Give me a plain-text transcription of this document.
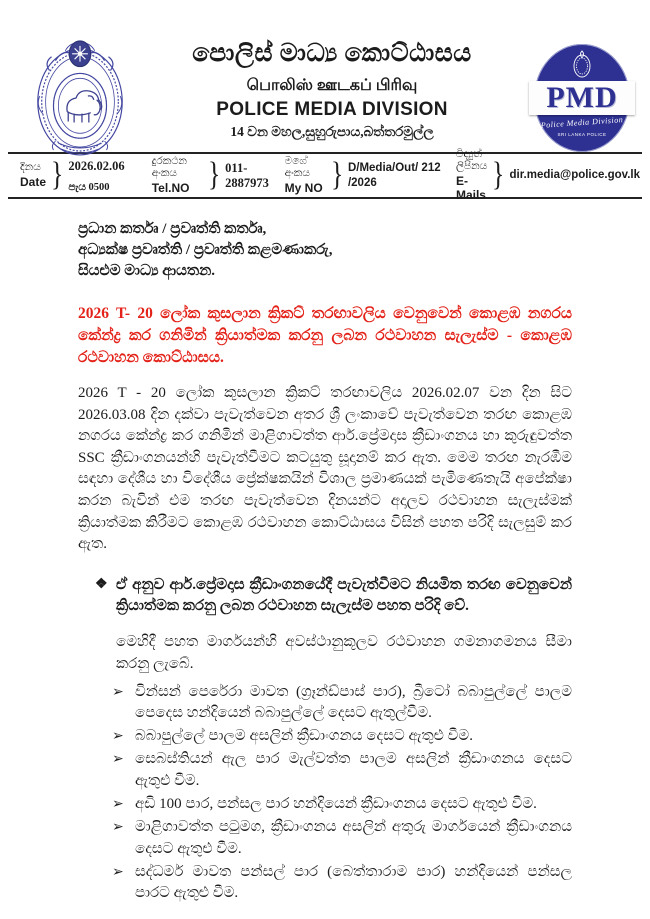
පොලිස් මාධ්‍ය කොට්ඨාසය
பொலிஸ் ஊடகப் பிரிவு
POLICE MEDIA DIVISION
14 වන මහල,සුහුරුපාය,බත්තරමුල්ල
PMD
Police Media Division
SRI LANKA POLICE
දිනය
Date } 2026.02.06 පැය 0500
දුරකථන අංකය
Tel.NO } 011-2887973
මගේ අංකය
My NO } D/Media/Out/ 212 /2026
විද්‍යුත් ලිපිනය
E-Mails
} dir.media@police.gov.lk
ප්‍රධාන කර්තෘ / ප්‍රවෘත්ති කර්තෘ,
අධ්‍යක්ෂ ප්‍රවෘත්ති / ප්‍රවෘත්ති කළමණාකරු,
සියළුම මාධ්‍ය ආයතන.
2026 T- 20 ලෝක කුසලාන ක්‍රිකට් තරඟාවලිය වෙනුවෙන් කොළඹ නගරය කේන්ද්‍ර කර ගනිමින් ක්‍රියාත්මක කරනු ලබන රථවාහන සැලැස්ම - කොළඹ රථවාහන කොට්ඨාසය.
2026 T - 20 ලෝක කුසලාන ක්‍රිකට් තරඟාවලිය 2026.02.07 වන දින සිට 2026.03.08 දින දක්වා පැවැත්වෙන අතර ශ්‍රී ලංකාවේ පැවැත්වෙන තරඟ කොළඹ නගරය කේන්ද්‍ර කර ගනිමින් මාළිගාවත්ත ආර්.ප්‍රේමදාස ක්‍රීඩාංගනය හා කුරුඳුවත්ත SSC ක්‍රීඩාංගනයන්හි පැවැත්වීමට කටයුතු සූදානම් කර ඇත. මෙම තරඟ නැරඹීම සඳහා දේශීය හා විදේශීය ප්‍රේක්ෂකයින් විශාල ප්‍රමාණයක් පැමිණෙතැයි අපේක්ෂා කරන බැවින් එම තරඟ පැවැත්වෙන දිනයන්ට අදාලව රථවාහන සැලැස්මක් ක්‍රියාත්මක කිරීමට කොළඹ රථවාහන කොට්ඨාසය විසින් පහත පරිදි සැලසුම් කර ඇත.
❖ ඒ අනුව ආර්.ප්‍රේමදාස ක්‍රීඩාංගනයේදී පැවැත්වීමට නියමිත තරඟ වෙනුවෙන් ක්‍රියාත්මක කරනු ලබන රථවාහන සැලැස්ම පහත පරිදි වේ.
මෙහිදී පහත මාර්ගයන්හි අවස්ථානුකූලව රථවාහන ගමනාගමනය සීමා කරනු ලැබේ.
➢ වින්සන් පෙරේරා මාවත (ග්‍රෑන්ඩ්පාස් පාර), බ්‍රීටෝ බබාපුල්ලේ පාලම පෙදෙස හන්දියෙන් බබාපුල්ලේ දෙසට ඇතුල්වීම.
➢ බබාපුල්ලේ පාලම අසලින් ක්‍රීඩාංගනය දෙසට ඇතුළු වීම.
➢ සෙබස්තියන් ඇල පාර මැල්වත්ත පාලම අසලින් ක්‍රීඩාංගනය දෙසට ඇතුළු වීම.
➢ අඩි 100 පාර, පන්සල පාර හන්දියෙන් ක්‍රීඩාංගනය දෙසට ඇතුළු වීම.
➢ මාළිගාවත්ත පටුමග, ක්‍රීඩාංගනය අසලින් අතුරු මාර්ගයෙන් ක්‍රීඩාංගනය දෙසට ඇතුළු වීම.
➢ සද්ධර්ම මාවත පන්සල් පාර (බෙත්තාරාම පාර) හන්දියෙන් පන්සල පාරට ඇතුළු වීම.
